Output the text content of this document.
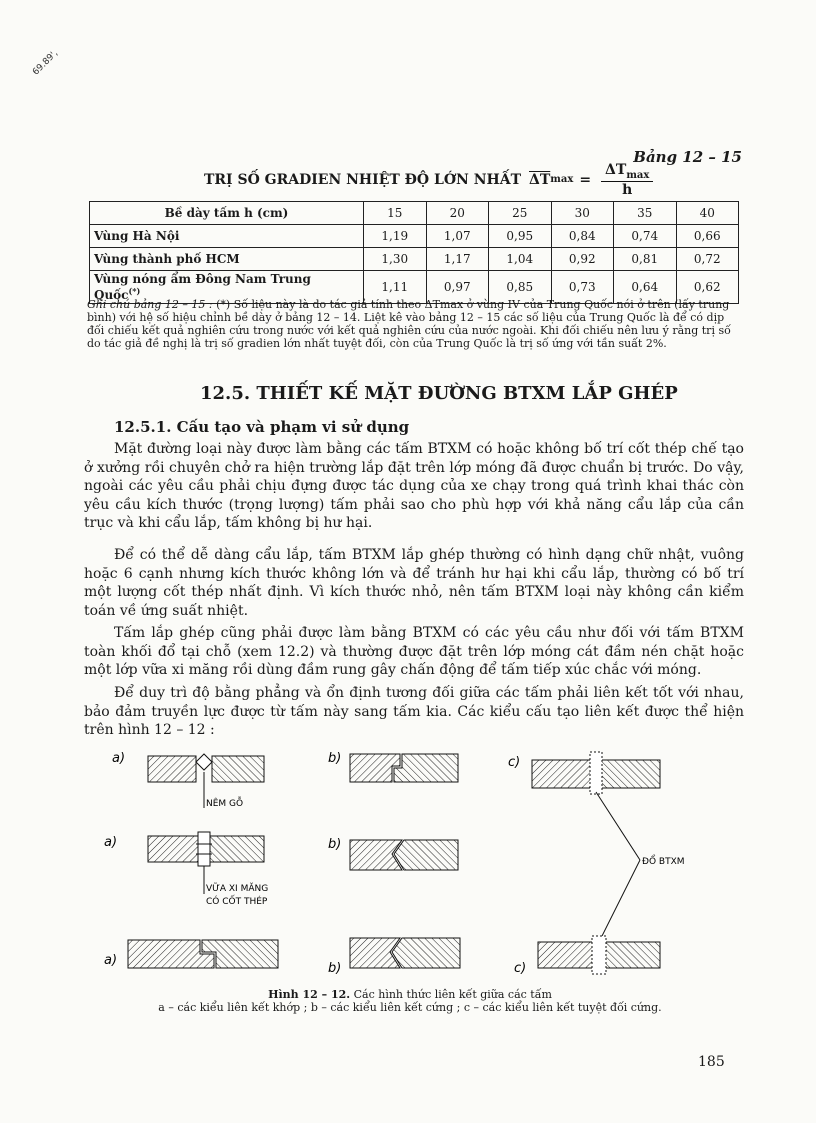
69.89',
Bảng 12 – 15
TRỊ SỐ GRADIEN NHIỆT ĐỘ LỚN NHẤT $\overline{\Delta T}$ $\max = \frac{\Delta T_{max}}{h}$
Bề dày tấm h (cm)	15	20	25	30	35	40
Vùng Hà Nội	1,19	1,07	0,95	0,84	0,74	0,66
Vùng thành phố HCM	1,30	1,17	1,04	0,92	0,81	0,72
Vùng nóng ẩm Đông Nam Trung Quốc(*)	1,11	0,97	0,85	0,73	0,64	0,62
Ghi chú bảng 12 – 15 : (*) Số liệu này là do tác giả tính theo ΔTmax ở vùng IV của Trung Quốc nói ở trên (lấy trung bình) với hệ số hiệu chỉnh bề dày ở bảng 12 – 14. Liệt kê vào bảng 12 – 15 các số liệu của Trung Quốc là để có dịp đối chiếu kết quả nghiên cứu trong nước với kết quả nghiên cứu của nước ngoài. Khi đối chiếu nên lưu ý rằng trị số do tác giả đề nghị là trị số gradien lớn nhất tuyệt đối, còn của Trung Quốc là trị số ứng với tần suất 2%.
12.5. THIẾT KẾ MẶT ĐƯỜNG BTXM LẮP GHÉP
12.5.1. Cấu tạo và phạm vi sử dụng
Mặt đường loại này được làm bằng các tấm BTXM có hoặc không bố trí cốt thép chế tạo ở xưởng rồi chuyên chở ra hiện trường lắp đặt trên lớp móng đã được chuẩn bị trước. Do vậy, ngoài các yêu cầu phải chịu đựng được tác dụng của xe chạy trong quá trình khai thác còn yêu cầu kích thước (trọng lượng) tấm phải sao cho phù hợp với khả năng cẩu lắp của cần trục và khi cẩu lắp, tấm không bị hư hại.
Để có thể dễ dàng cẩu lắp, tấm BTXM lắp ghép thường có hình dạng chữ nhật, vuông hoặc 6 cạnh nhưng kích thước không lớn và để tránh hư hại khi cẩu lắp, thường có bố trí một lượng cốt thép nhất định. Vì kích thước nhỏ, nên tấm BTXM loại này không cần kiểm toán về ứng suất nhiệt.
Tấm lắp ghép cũng phải được làm bằng BTXM có các yêu cầu như đối với tấm BTXM toàn khối đổ tại chỗ (xem 12.2) và thường được đặt trên lớp móng cát đầm nén chặt hoặc một lớp vữa xi măng rồi dùng đầm rung gây chấn động để tấm tiếp xúc chắc với móng.
Để duy trì độ bằng phẳng và ổn định tương đối giữa các tấm phải liên kết tốt với nhau, bảo đảm truyền lực được từ tấm này sang tấm kia. Các kiểu cấu tạo liên kết được thể hiện trên hình 12 – 12 :
a)
NÊM GỖ
b)	c)
a)
VỮA XI MĂNG
CÓ CỐT THÉP
b)
ĐỔ BTXM
a)
b)	c)
Hình 12 – 12. Các hình thức liên kết giữa các tấm
a – các kiểu liên kết khớp ; b – các kiểu liên kết cứng ; c – các kiểu liên kết tuyệt đối cứng.
185
